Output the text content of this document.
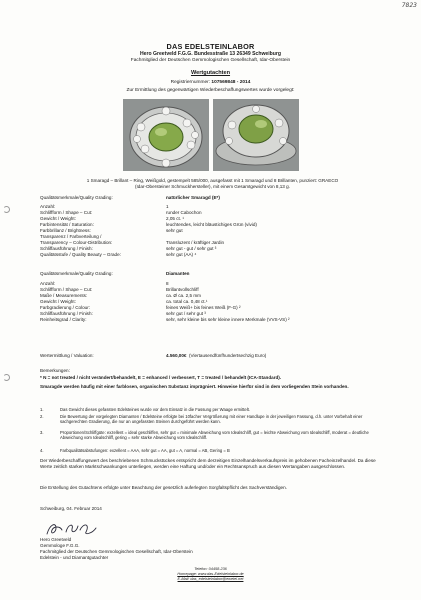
7823
DAS EDELSTEINLABOR
Hero Greetveld F.G.G. Bundesstraße 13 26349 Schweiburg
Fachmitglied der Deutschen Gemmologischen Gesellschaft, Idar-Oberstein
Wertgutachten
Registriernummer: 107569848 - 2014
Zur Ermittlung des gegenwärtigen Wiederbeschaffungswertes wurde vorgelegt:
1 Smaragd – Brillant – Ring, Weißgold, gestempelt 585/000, ausgefasst mit 1 Smaragd und 8 Brillanten, punziert: GRAECO
(Idar-Obersteiner Schmuckhersteller), mit einem Gesamtgewicht von 8,13 g.
Qualitätsmerkmale/Quality Grading:	natürlicher Smaragd (E*)
Anzahl:	1
Schliffform / Shape – Cut:	runder Cabochon
Gewicht / Weight:	2,05 ct. ¹
Farbintensität / Saturation:	leuchtendes, leicht bläustichiges Grün (vivid)
Farbbrillanz / Brightness:	sehr gut
Transparenz / Farbverteilung /
Transparency – Colour-Distribution:	Transluzent / kräftiger Jardin
Schliffausführung / Finish:	sehr gut - gut / sehr gut ³
Qualitätsstufe / Quality Beauty – Grade:	sehr gut (AA) ⁴
Qualitätsmerkmale/Quality Grading:	Diamanten
Anzahl:	8
Schliffform / Shape – Cut:	Brillantvollschliff
Maße / Measurements:	ca. Ø ca. 2,5 mm
Gewicht / Weight:	ca. total ca. 0,48 ct.¹
Farbgradierung / Colour:	feines Weiß+ bis feines Weiß (F-G) ²
Schliffausführung / Finish:	sehr gut / sehr gut ³
Reinheitsgrad / Clarity:	sehr, sehr kleine bis sehr kleine innere Merkmale (VVS-VS) ²
Wertermittlung / Valuation:	4.560,00€ (Viertausendfünfhundertsechzig Euro)
Bemerkungen:
* N = not treated / nicht verändert/behandelt, E = enhanced / verbessert, T = treated / behandelt (ICA-Standard).
Smaragde werden häufig mit einer farblosen, organischen Substanz imprägniert. Hinweise hierfür sind in dem vorliegenden Stein vorhanden.
1.	Das Gewicht dieses gefassten Edelsteines wurde vor dem Einsatz in die Fassung per Waage ermittelt.
2.	Die Bewertung der vorgelegten Diamanten / Edelsteine erfolgte bei 10facher Vergrößerung mit einer Handlupe in der jeweiligen Fassung, d.h. unter Vorbehalt einer sachgerechten Gradierung, die nur an ungefassten Steinen durchgeführt werden kann.
3.	Proportionen/Schliffgüte: exzellent = ideal geschliffen, sehr gut = minimale Abweichung vom Idealschliff, gut = leichte Abweichung vom Idealschliff, moderat = deutliche Abweichung vom Idealschliff, gering = sehr starke Abweichung vom Idealschliff.
4.	Farbqualitätsabstufungen: exzellent = AAA, sehr gut = AA, gut = A, normal = AB, Gering = B
Der Wiederbeschaffungswert des beschriebenen Schmuckstückes entspricht dem derzeitigen Einzelhandelsverkaufspreis im gehobenen Facheinzelhandel. Da diese Werte zeitlich starken Marktschwankungen unterliegen, werden eine Haftung und/oder ein Rechtsanspruch aus diesen Wertangaben ausgeschlossen.
Die Erstellung des Gutachtens erfolgte unter Beachtung der gesetzlich auferlegten Sorgfaltspflicht des Sachverständigen.
Schweiburg, 04. Februar 2014
Hero Greetveld
Gemmologe F.G.G.
Fachmitglied der Deutschen Gemmologischen Gesellschaft, Idar-Oberstein
Edelstein - und Diamantgutachter
Telefon: 04458-236
Homepage: www.das-Edelsteinlabor.de
E-Mail: das_edelsteinlabor@ewetel.net
